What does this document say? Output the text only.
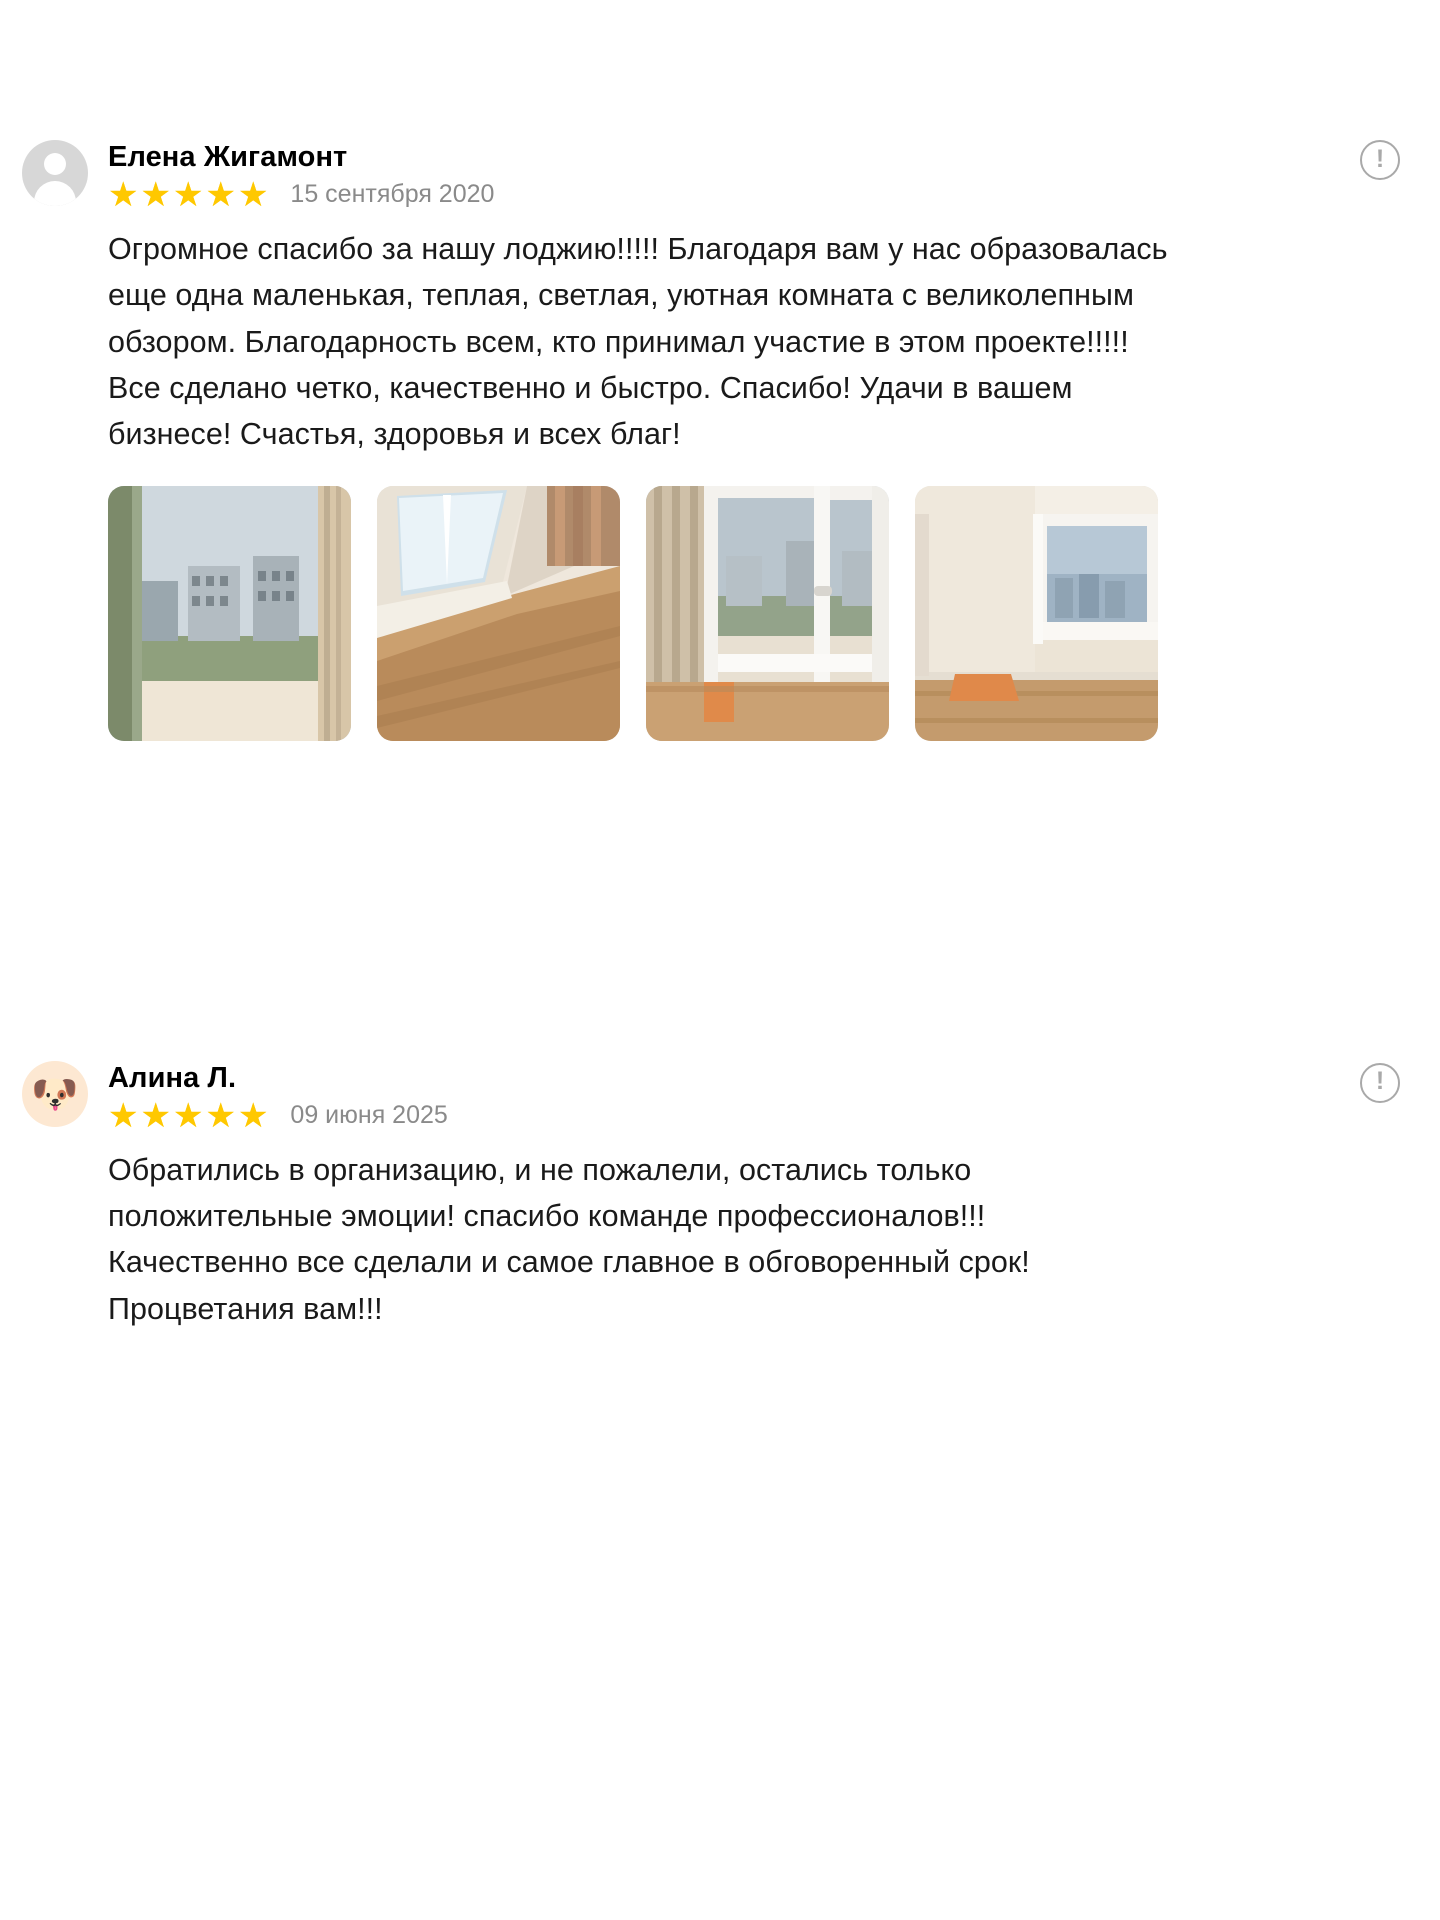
!
Елена Жигамонт
★ ★ ★ ★ ★ 15 сентября 2020

Огромное спасибо за нашу лоджию!!!!! Благодаря вам у нас образовалась еще одна маленькая, теплая, светлая, уютная комната с великолепным обзором. Благодарность всем, кто принимал участие в этом проекте!!!!!Все сделано четко, качественно и быстро. Спасибо! Удачи в вашем бизнесе! Счастья, здоровья и всех благ!

!
🐶 Алина Л.
★ ★ ★ ★ ★ 09 июня 2025

Обратились в организацию, и не пожалели, остались только положительные эмоции! спасибо команде профессионалов!!! Качественно все сделали и самое главное в обговоренный срок! Процветания вам!!!
